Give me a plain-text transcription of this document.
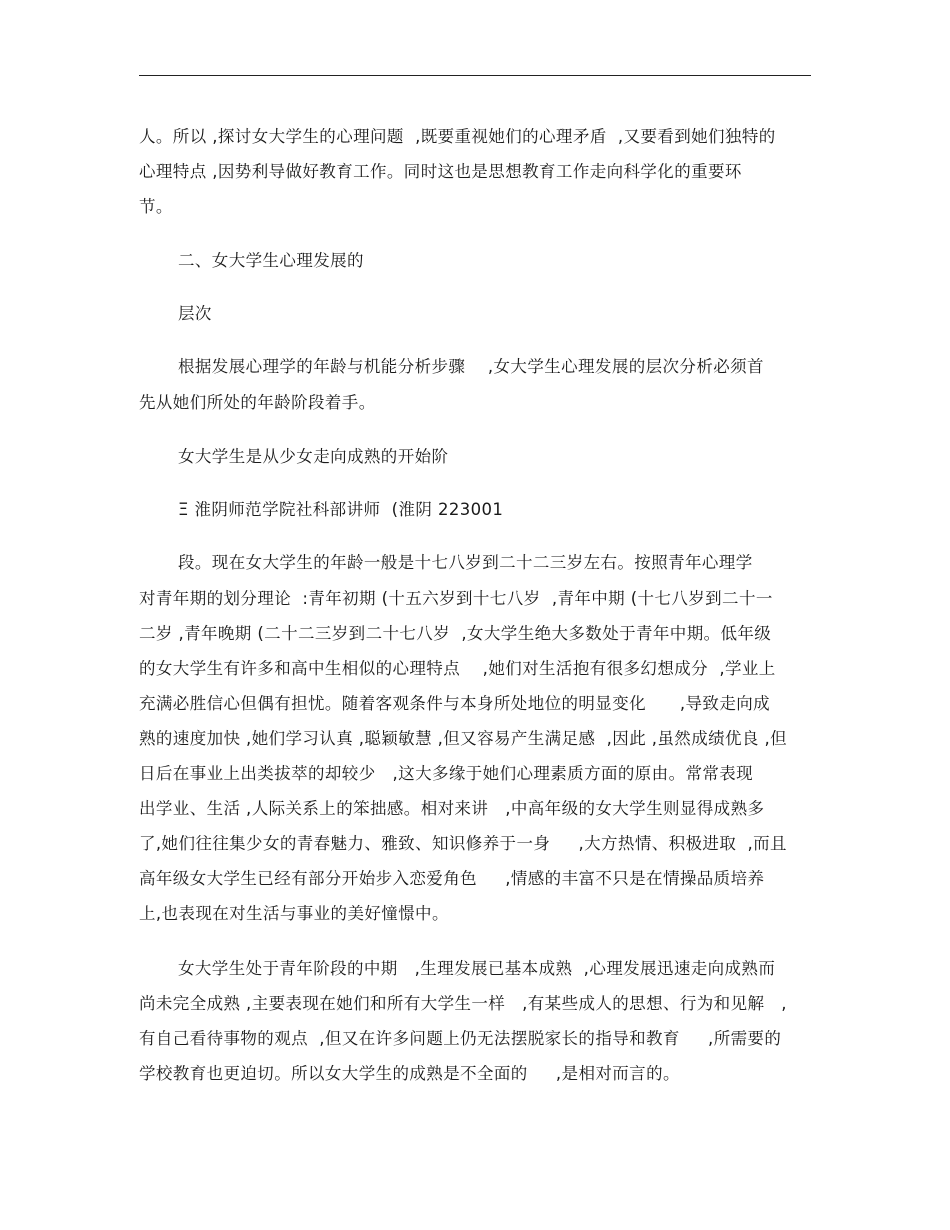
人。所以 ,探讨女大学生的心理问题  ,既要重视她们的心理矛盾  ,又要看到她们独特的
心理特点 ,因势利导做好教育工作。同时这也是思想教育工作走向科学化的重要环
节。
二、女大学生心理发展的
层次
根据发展心理学的年龄与机能分析步骤    ,女大学生心理发展的层次分析必须首
先从她们所处的年龄阶段着手。
女大学生是从少女走向成熟的开始阶
Ξ 淮阴师范学院社科部讲师  (淮阴 223001
段。现在女大学生的年龄一般是十七八岁到二十二三岁左右。按照青年心理学
对青年期的划分理论  :青年初期 (十五六岁到十七八岁  ,青年中期 (十七八岁到二十一
二岁 ,青年晚期 (二十二三岁到二十七八岁  ,女大学生绝大多数处于青年中期。低年级
的女大学生有许多和高中生相似的心理特点    ,她们对生活抱有很多幻想成分  ,学业上
充满必胜信心但偶有担忧。随着客观条件与本身所处地位的明显变化      ,导致走向成
熟的速度加快 ,她们学习认真 ,聪颖敏慧 ,但又容易产生满足感  ,因此 ,虽然成绩优良 ,但
日后在事业上出类拔萃的却较少   ,这大多缘于她们心理素质方面的原由。常常表现
出学业、生活 ,人际关系上的笨拙感。相对来讲   ,中高年级的女大学生则显得成熟多
了,她们往往集少女的青春魅力、雅致、知识修养于一身     ,大方热情、积极进取  ,而且
高年级女大学生已经有部分开始步入恋爱角色     ,情感的丰富不只是在情操品质培养
上,也表现在对生活与事业的美好憧憬中。
女大学生处于青年阶段的中期   ,生理发展已基本成熟  ,心理发展迅速走向成熟而
尚未完全成熟 ,主要表现在她们和所有大学生一样   ,有某些成人的思想、行为和见解   ,
有自己看待事物的观点  ,但又在许多问题上仍无法摆脱家长的指导和教育     ,所需要的
学校教育也更迫切。所以女大学生的成熟是不全面的     ,是相对而言的。
